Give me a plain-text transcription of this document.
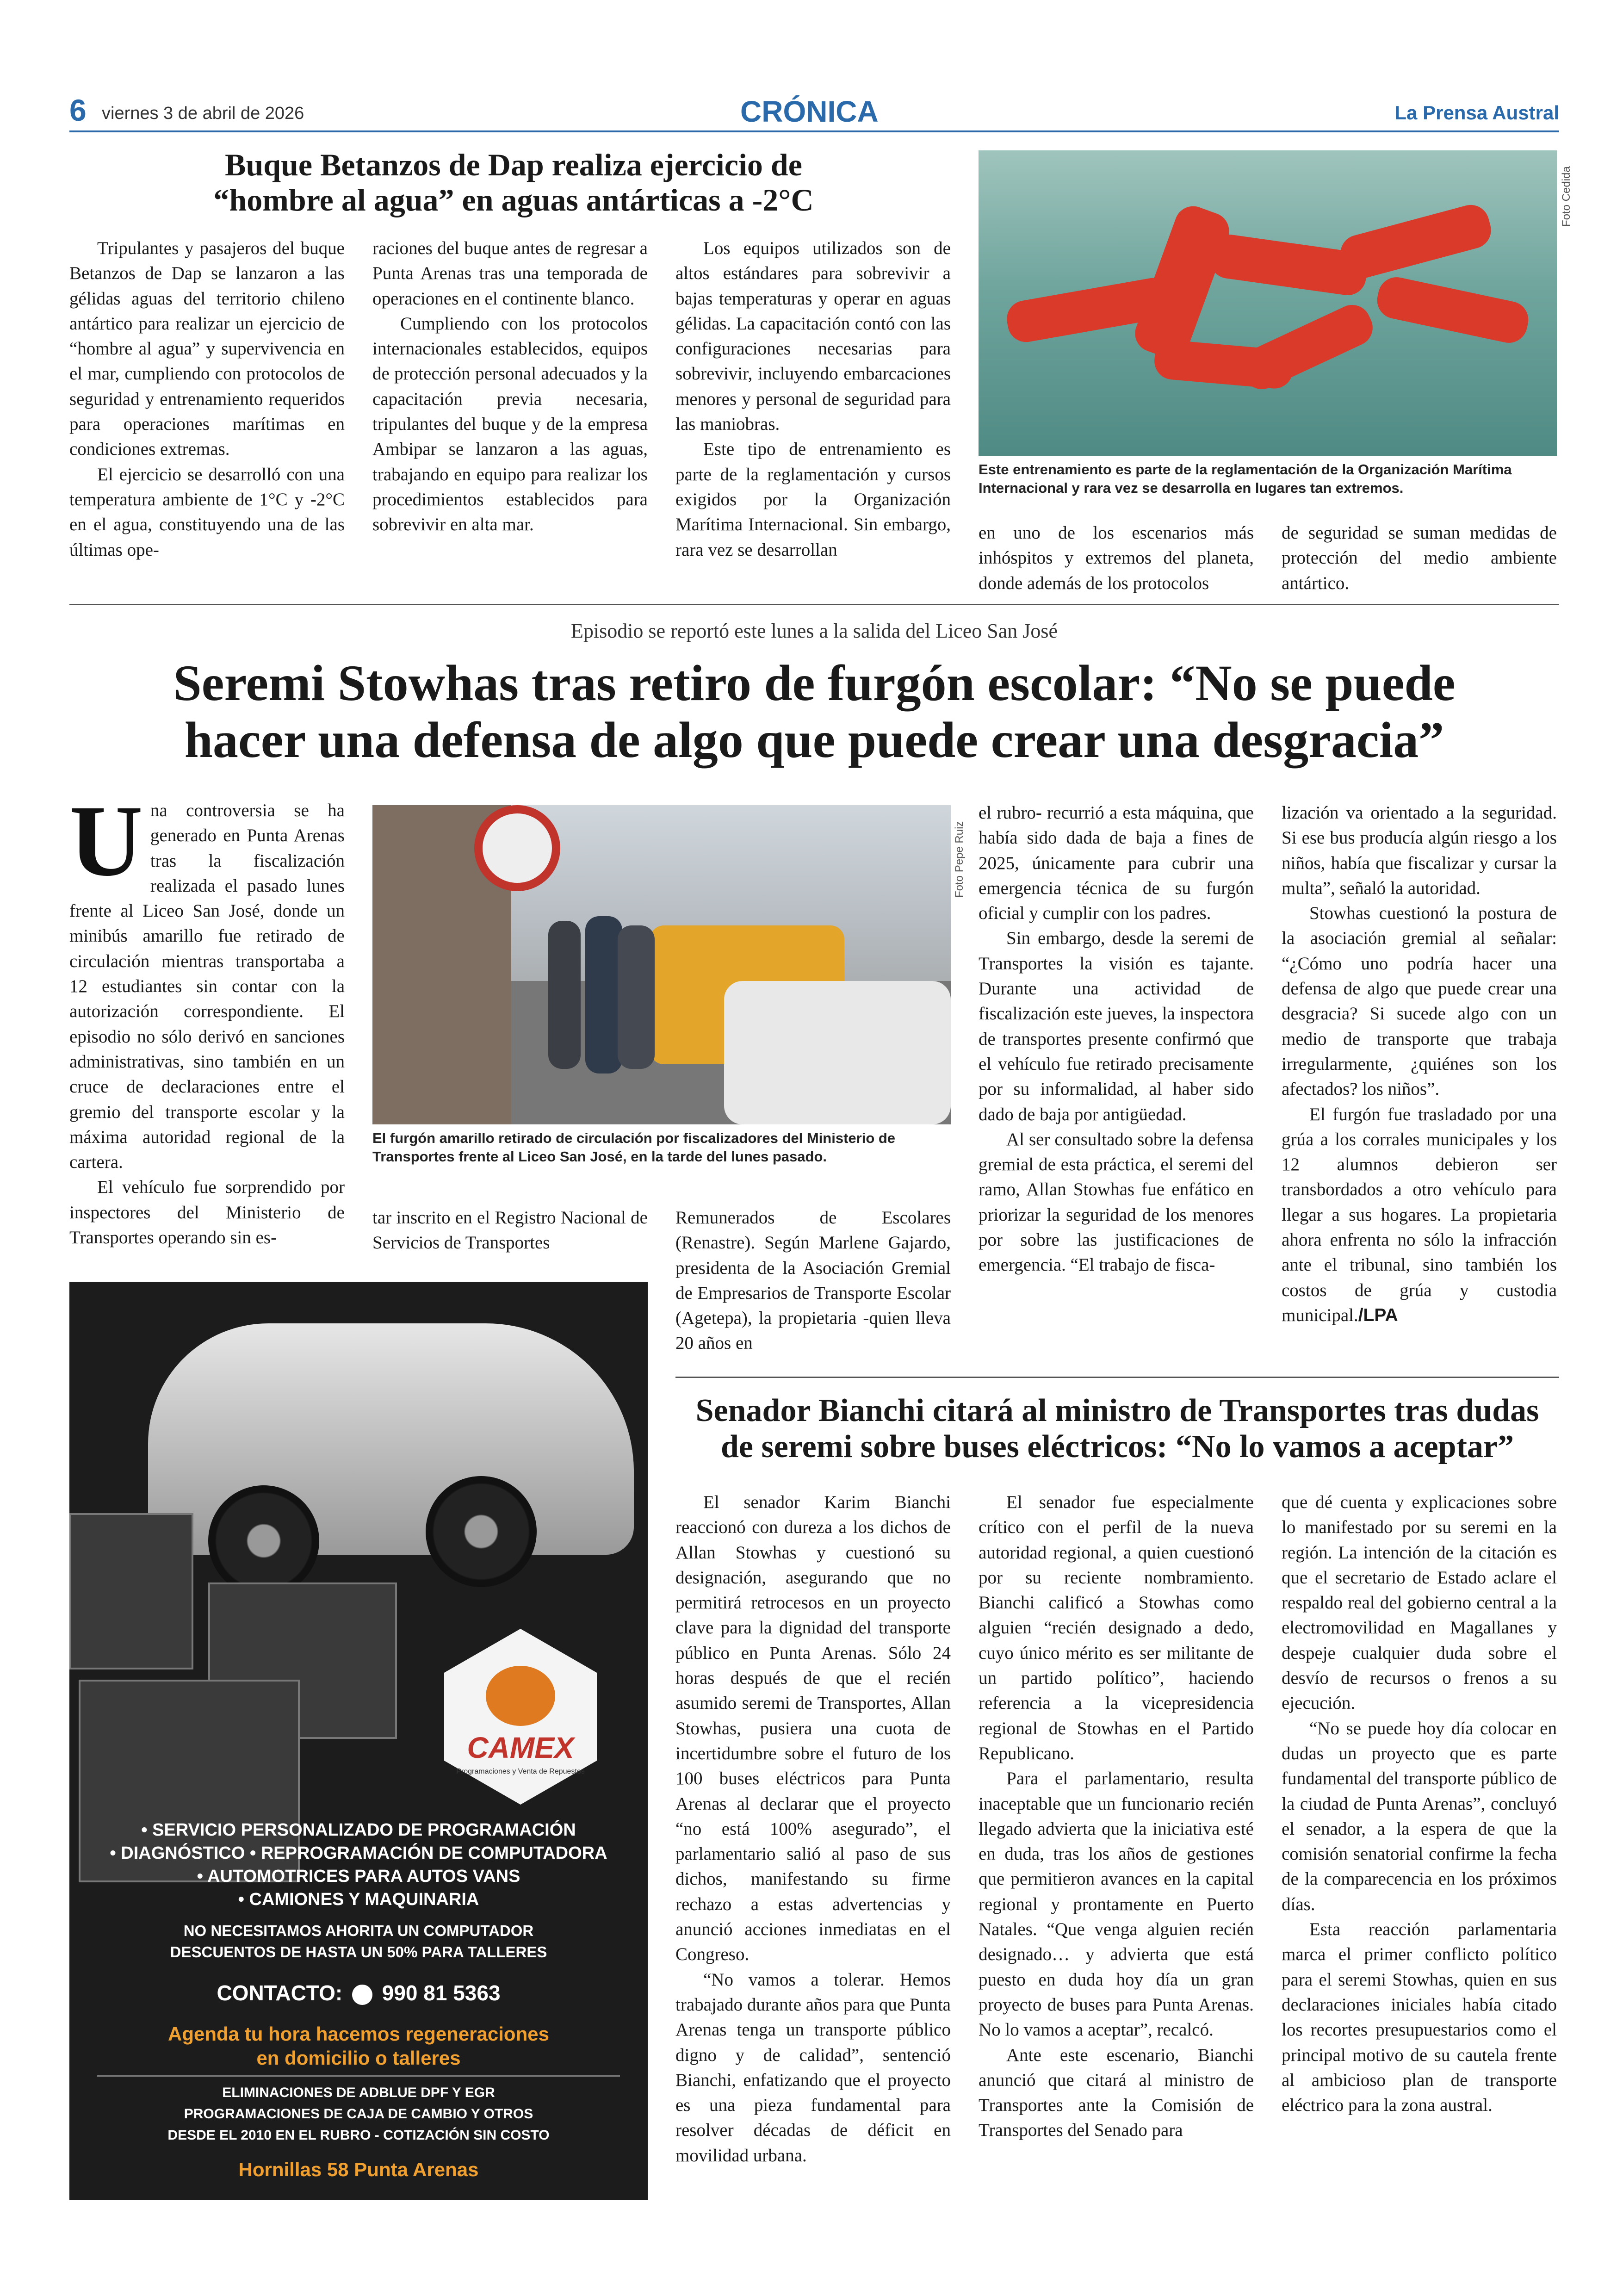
6 viernes 3 de abril de 2026	CRÓNICA	La Prensa Austral
Buque Betanzos de Dap realiza ejercicio de
“hombre al agua” en aguas antárticas a -2°C

Tripulantes y pasajeros del buque Betanzos de Dap se lanzaron a las gélidas aguas del territorio chileno antártico para realizar un ejercicio de “hombre al agua” y supervivencia en el mar, cumpliendo con protocolos de seguridad y entrenamiento requeridos para operaciones marítimas en condiciones extremas.

El ejercicio se desarrolló con una temperatura ambiente de 1°C y -2°C en el agua, constituyendo una de las últimas ope-

raciones del buque antes de regresar a Punta Arenas tras una temporada de operaciones en el continente blanco.

Cumpliendo con los protocolos internacionales establecidos, equipos de protección personal adecuados y la capacitación previa necesaria, tripulantes del buque y de la empresa Ambipar se lanzaron a las aguas, trabajando en equipo para realizar los procedimientos establecidos para sobrevivir en alta mar.

Los equipos utilizados son de altos estándares para sobrevivir a bajas temperaturas y operar en aguas gélidas. La capacitación contó con las configuraciones necesarias para sobrevivir, incluyendo embarcaciones menores y personal de seguridad para las maniobras.

Este tipo de entrenamiento es parte de la reglamentación y cursos exigidos por la Organización Marítima Internacional. Sin embargo, rara vez se desarrollan

Foto Cedida
Este entrenamiento es parte de la reglamentación de la Organización Marítima Internacional y rara vez se desarrolla en lugares tan extremos.

en uno de los escenarios más inhóspitos y extremos del planeta, donde además de los protocolos

de seguridad se suman medidas de protección del medio ambiente antártico.

Episodio se reportó este lunes a la salida del Liceo San José
Seremi Stowhas tras retiro de furgón escolar: “No se puede
hacer una defensa de algo que puede crear una desgracia”
U na controversia se ha generado en Punta Arenas tras la fiscalización realizada el pasado lunes frente al Liceo San José, donde un minibús amarillo fue retirado de circulación mientras transportaba a 12 estudiantes sin contar con la autorización correspondiente. El episodio no sólo derivó en sanciones administrativas, sino también en un cruce de declaraciones entre el gremio del transporte escolar y la máxima autoridad regional de la cartera.

El vehículo fue sorprendido por inspectores del Ministerio de Transportes operando sin es-

Foto Pepe Ruiz
El furgón amarillo retirado de circulación por fiscalizadores del Ministerio de Transportes frente al Liceo San José, en la tarde del lunes pasado.

tar inscrito en el Registro Nacional de Servicios de Transportes

Remunerados de Escolares (Renastre). Según Marlene Gajardo, presidenta de la Asociación Gremial de Empresarios de Transporte Escolar (Agetepa), la propietaria -quien lleva 20 años en

el rubro- recurrió a esta máquina, que había sido dada de baja a fines de 2025, únicamente para cubrir una emergencia técnica de su furgón oficial y cumplir con los padres.

Sin embargo, desde la seremi de Transportes la visión es tajante. Durante una actividad de fiscalización este jueves, la inspectora de transportes presente confirmó que el vehículo fue retirado precisamente por su informalidad, al haber sido dado de baja por antigüedad.

Al ser consultado sobre la defensa gremial de esta práctica, el seremi del ramo, Allan Stowhas fue enfático en priorizar la seguridad de los menores por sobre las justificaciones de emergencia. “El trabajo de fisca-

lización va orientado a la seguridad. Si ese bus producía algún riesgo a los niños, había que fiscalizar y cursar la multa”, señaló la autoridad.

Stowhas cuestionó la postura de la asociación gremial al señalar: “¿Cómo uno podría hacer una defensa de algo que puede crear una desgracia? Si sucede algo con un medio de transporte que trabaja irregularmente, ¿quiénes son los afectados? los niños”.

El furgón fue trasladado por una grúa a los corrales municipales y los 12 alumnos debieron ser transbordados a otro vehículo para llegar a sus hogares. La propietaria ahora enfrenta no sólo la infracción ante el tribunal, sino también los costos de grúa y custodia municipal./LPA

CAMEX
Programaciones y Venta de Repuestos
• SERVICIO PERSONALIZADO DE PROGRAMACIÓN
• DIAGNÓSTICO • REPROGRAMACIÓN DE COMPUTADORA
• AUTOMOTRICES PARA AUTOS VANS
• CAMIONES Y MAQUINARIA
NO NECESITAMOS AHORITA UN COMPUTADOR
DESCUENTOS DE HASTA UN 50% PARA TALLERES
CONTACTO: 990 81 5363
Agenda tu hora hacemos regeneraciones
en domicilio o talleres
ELIMINACIONES DE ADBLUE DPF Y EGR
PROGRAMACIONES DE CAJA DE CAMBIO Y OTROS
DESDE EL 2010 EN EL RUBRO - COTIZACIÓN SIN COSTO
Hornillas 58 Punta Arenas
Senador Bianchi citará al ministro de Transportes tras dudas
de seremi sobre buses eléctricos: “No lo vamos a aceptar”

El senador Karim Bianchi reaccionó con dureza a los dichos de Allan Stowhas y cuestionó su designación, asegurando que no permitirá retrocesos en un proyecto clave para la dignidad del transporte público en Punta Arenas. Sólo 24 horas después de que el recién asumido seremi de Transportes, Allan Stowhas, pusiera una cuota de incertidumbre sobre el futuro de los 100 buses eléctricos para Punta Arenas al declarar que el proyecto “no está 100% asegurado”, el parlamentario salió al paso de sus dichos, manifestando su firme rechazo a estas advertencias y anunció acciones inmediatas en el Congreso.

“No vamos a tolerar. Hemos trabajado durante años para que Punta Arenas tenga un transporte público digno y de calidad”, sentenció Bianchi, enfatizando que el proyecto es una pieza fundamental para resolver décadas de déficit en movilidad urbana.

El senador fue especialmente crítico con el perfil de la nueva autoridad regional, a quien cuestionó por su reciente nombramiento. Bianchi calificó a Stowhas como alguien “recién designado a dedo, cuyo único mérito es ser militante de un partido político”, haciendo referencia a la vicepresidencia regional de Stowhas en el Partido Republicano.

Para el parlamentario, resulta inaceptable que un funcionario recién llegado advierta que la iniciativa esté en duda, tras los años de gestiones que permitieron avances en la capital regional y prontamente en Puerto Natales. “Que venga alguien recién designado… y advierta que está puesto en duda hoy día un gran proyecto de buses para Punta Arenas. No lo vamos a aceptar”, recalcó.

Ante este escenario, Bianchi anunció que citará al ministro de Transportes ante la Comisión de Transportes del Senado para

que dé cuenta y explicaciones sobre lo manifestado por su seremi en la región. La intención de la citación es que el secretario de Estado aclare el respaldo real del gobierno central a la electromovilidad en Magallanes y despeje cualquier duda sobre el desvío de recursos o frenos a su ejecución.

“No se puede hoy día colocar en dudas un proyecto que es parte fundamental del transporte público de la ciudad de Punta Arenas”, concluyó el senador, a la espera de que la comisión senatorial confirme la fecha de la comparecencia en los próximos días.

Esta reacción parlamentaria marca el primer conflicto político para el seremi Stowhas, quien en sus declaraciones iniciales había citado los recortes presupuestarios como el principal motivo de su cautela frente al ambicioso plan de transporte eléctrico para la zona austral.
